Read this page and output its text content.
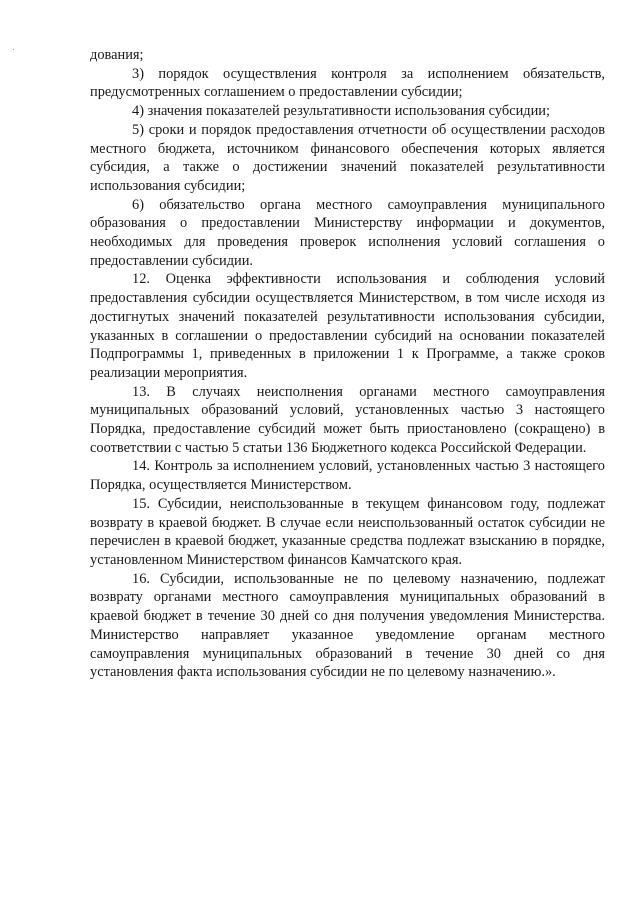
дования;

3) порядок осуществления контроля за исполнением обязательств, предусмотренных соглашением о предоставлении субсидии;

4) значения показателей результативности использования субсидии;

5) сроки и порядок предоставления отчетности об осуществлении расходов местного бюджета, источником финансового обеспечения которых является субсидия, а также о достижении значений показателей результативности использования субсидии;

6) обязательство органа местного самоуправления муниципального образования о предоставлении Министерству информации и документов, необходимых для проведения проверок исполнения условий соглашения о предоставлении субсидии.

12. Оценка эффективности использования и соблюдения условий предоставления субсидии осуществляется Министерством, в том числе исходя из достигнутых значений показателей результативности использования субсидии, указанных в соглашении о предоставлении субсидий на основании показателей Подпрограммы 1, приведенных в приложении 1 к Программе, а также сроков реализации мероприятия.

13. В случаях неисполнения органами местного самоуправления муниципальных образований условий, установленных частью 3 настоящего Порядка, предоставление субсидий может быть приостановлено (сокращено) в соответствии с частью 5 статьи 136 Бюджетного кодекса Российской Федерации.

14. Контроль за исполнением условий, установленных частью 3 настоящего Порядка, осуществляется Министерством.

15. Субсидии, неиспользованные в текущем финансовом году, подлежат возврату в краевой бюджет. В случае если неиспользованный остаток субсидии не перечислен в краевой бюджет, указанные средства подлежат взысканию в порядке, установленном Министерством финансов Камчатского края.

16. Субсидии, использованные не по целевому назначению, подлежат возврату органами местного самоуправления муниципальных образований в краевой бюджет в течение 30 дней со дня получения уведомления Министерства. Министерство направляет указанное уведомление органам местного самоуправления муниципальных образований в течение 30 дней со дня установления факта использования субсидии не по целевому назначению.».
